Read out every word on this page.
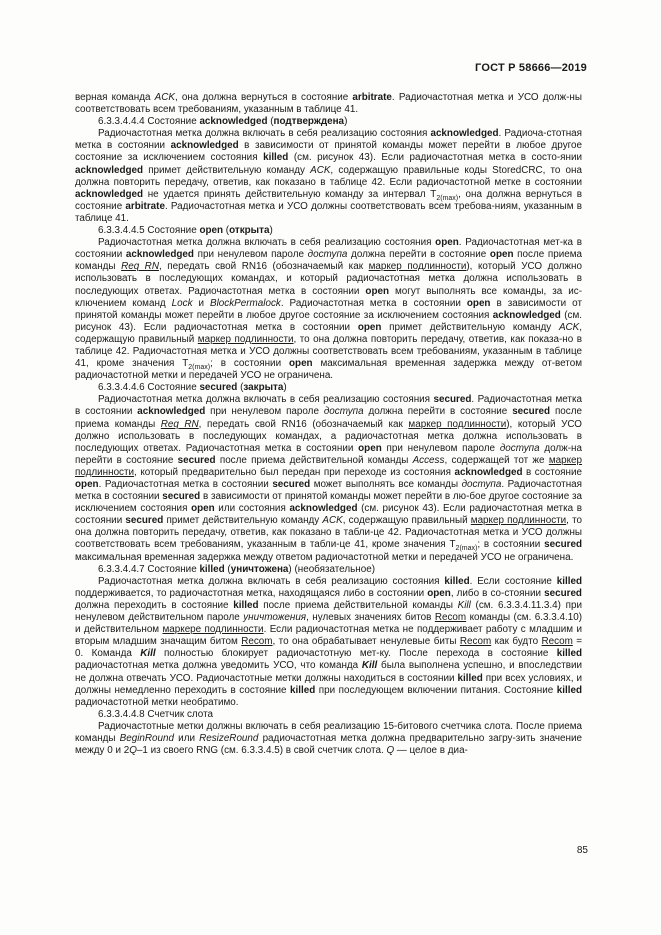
ГОСТ Р 58666—2019

верная команда ACK, она должна вернуться в состояние arbitrate. Радиочастотная метка и УСО долж-ны соответствовать всем требованиям, указанным в таблице 41.

6.3.3.4.4.4 Состояние acknowledged (подтверждена)

Радиочастотная метка должна включать в себя реализацию состояния acknowledged. Радиоча-стотная метка в состоянии acknowledged в зависимости от принятой команды может перейти в любое другое состояние за исключением состояния killed (см. рисунок 43). Если радиочастотная метка в состо-янии acknowledged примет действительную команду ACK, содержащую правильные коды StoredCRC, то она должна повторить передачу, ответив, как показано в таблице 42. Если радиочастотной метке в состоянии acknowledged не удается принять действительную команду за интервал $T_{2(max)}$, она должна вернуться в состояние arbitrate. Радиочастотная метка и УСО должны соответствовать всем требова-ниям, указанным в таблице 41.

6.3.3.4.4.5 Состояние open (открыта)

Радиочастотная метка должна включать в себя реализацию состояния open. Радиочастотная мет-ка в состоянии acknowledged при ненулевом пароле доступа должна перейти в состояние open после приема команды Req_RN, передать свой RN16 (обозначаемый как маркер подлинности), который УСО должно использовать в последующих командах, и который радиочастотная метка должна использовать в последующих ответах. Радиочастотная метка в состоянии open могут выполнять все команды, за ис-ключением команд Lock и BlockPermalock. Радиочастотная метка в состоянии open в зависимости от принятой команды может перейти в любое другое состояние за исключением состояния acknowledged (см. рисунок 43). Если радиочастотная метка в состоянии open примет действительную команду ACK, содержащую правильный маркер подлинности, то она должна повторить передачу, ответив, как показа-но в таблице 42. Радиочастотная метка и УСО должны соответствовать всем требованиям, указанным в таблице 41, кроме значения $T_{2(max)}$; в состоянии open максимальная временная задержка между от-ветом радиочастотной метки и передачей УСО не ограничена.

6.3.3.4.4.6 Состояние secured (закрыта)

Радиочастотная метка должна включать в себя реализацию состояния secured. Радиочастотная метка в состоянии acknowledged при ненулевом пароле доступа должна перейти в состояние secured после приема команды Req_RN, передать свой RN16 (обозначаемый как маркер подлинности), который УСО должно использовать в последующих командах, а радиочастотная метка должна использовать в последующих ответах. Радиочастотная метка в состоянии open при ненулевом пароле доступа долж-на перейти в состояние secured после приема действительной команды Access, содержащей тот же маркер подлинности, который предварительно был передан при переходе из состояния acknowledged в состояние open. Радиочастотная метка в состоянии secured может выполнять все команды доступа. Радиочастотная метка в состоянии secured в зависимости от принятой команды может перейти в лю-бое другое состояние за исключением состояния open или состояния acknowledged (см. рисунок 43). Если радиочастотная метка в состоянии secured примет действительную команду ACK, содержащую правильный маркер подлинности, то она должна повторить передачу, ответив, как показано в табли-це 42. Радиочастотная метка и УСО должны соответствовать всем требованиям, указанным в табли-це 41, кроме значения $T_{2(max)}$; в состоянии secured максимальная временная задержка между ответом радиочастотной метки и передачей УСО не ограничена.

6.3.3.4.4.7 Состояние killed (уничтожена) (необязательное)

Радиочастотная метка должна включать в себя реализацию состояния killed. Если состояние killed поддерживается, то радиочастотная метка, находящаяся либо в состоянии open, либо в со-стоянии secured должна переходить в состояние killed после приема действительной команды Kill (см. 6.3.3.4.11.3.4) при ненулевом действительном пароле уничтожения, нулевых значениях битов Recom команды (см. 6.3.3.4.10) и действительном маркере подлинности. Если радиочастотная метка не поддерживает работу с младшим и вторым младшим значащим битом Recom, то она обрабатывает ненулевые биты Recom как будто Recom = 0. Команда Kill полностью блокирует радиочастотную мет-ку. После перехода в состояние killed радиочастотная метка должна уведомить УСО, что команда Kill была выполнена успешно, и впоследствии не должна отвечать УСО. Радиочастотные метки должны находиться в состоянии killed при всех условиях, и должны немедленно переходить в состояние killed при последующем включении питания. Состояние killed радиочастотной метки необратимо.

6.3.3.4.4.8 Счетчик слота

Радиочастотные метки должны включать в себя реализацию 15-битового счетчика слота. После приема команды BeginRound или ResizeRound радиочастотная метка должна предварительно загру-зить значение между 0 и 2Q–1 из своего RNG (см. 6.3.3.4.5) в свой счетчик слота. Q — целое в диа-

85
